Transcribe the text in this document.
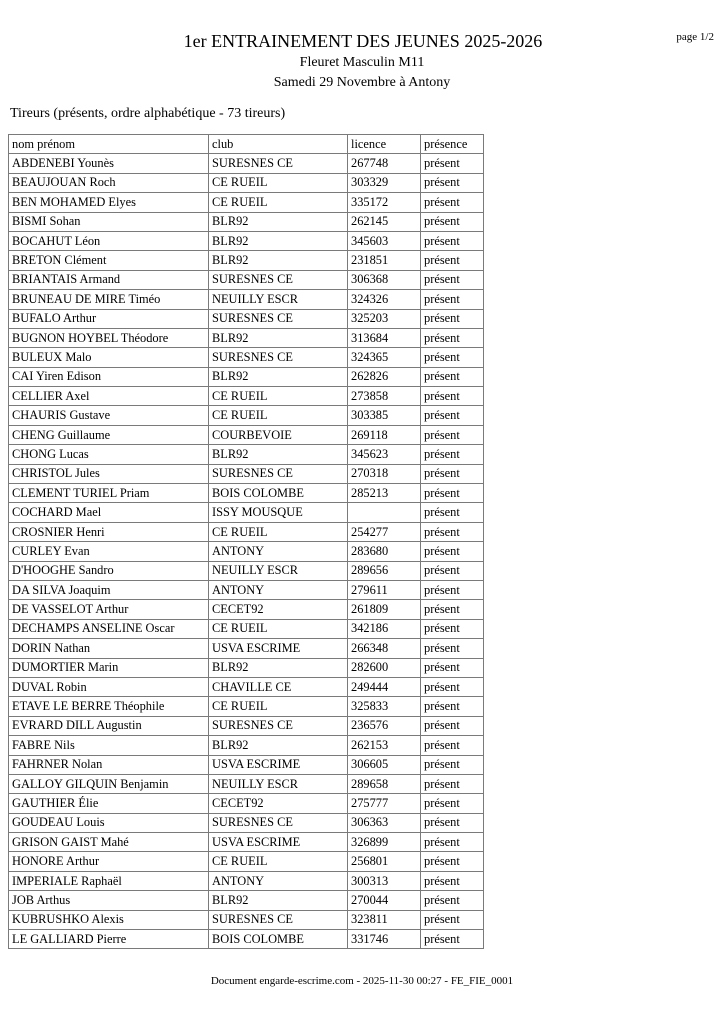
page 1/2
1er ENTRAINEMENT DES JEUNES 2025-2026
Fleuret Masculin M11
Samedi 29 Novembre à Antony
Tireurs (présents, ordre alphabétique - 73 tireurs)
nom prénom	club	licence	présence
ABDENEBI Younès	SURESNES CE	267748	présent
BEAUJOUAN Roch	CE RUEIL	303329	présent
BEN MOHAMED Elyes	CE RUEIL	335172	présent
BISMI Sohan	BLR92	262145	présent
BOCAHUT Léon	BLR92	345603	présent
BRETON Clément	BLR92	231851	présent
BRIANTAIS Armand	SURESNES CE	306368	présent
BRUNEAU DE MIRE Timéo	NEUILLY ESCR	324326	présent
BUFALO Arthur	SURESNES CE	325203	présent
BUGNON HOYBEL Théodore	BLR92	313684	présent
BULEUX Malo	SURESNES CE	324365	présent
CAI Yiren Edison	BLR92	262826	présent
CELLIER Axel	CE RUEIL	273858	présent
CHAURIS Gustave	CE RUEIL	303385	présent
CHENG Guillaume	COURBEVOIE	269118	présent
CHONG Lucas	BLR92	345623	présent
CHRISTOL Jules	SURESNES CE	270318	présent
CLEMENT TURIEL Priam	BOIS COLOMBE	285213	présent
COCHARD Mael	ISSY MOUSQUE		présent
CROSNIER Henri	CE RUEIL	254277	présent
CURLEY Evan	ANTONY	283680	présent
D'HOOGHE Sandro	NEUILLY ESCR	289656	présent
DA SILVA Joaquim	ANTONY	279611	présent
DE VASSELOT Arthur	CECET92	261809	présent
DECHAMPS ANSELINE Oscar	CE RUEIL	342186	présent
DORIN Nathan	USVA ESCRIME	266348	présent
DUMORTIER Marin	BLR92	282600	présent
DUVAL Robin	CHAVILLE CE	249444	présent
ETAVE LE BERRE Théophile	CE RUEIL	325833	présent
EVRARD DILL Augustin	SURESNES CE	236576	présent
FABRE Nils	BLR92	262153	présent
FAHRNER Nolan	USVA ESCRIME	306605	présent
GALLOY GILQUIN Benjamin	NEUILLY ESCR	289658	présent
GAUTHIER Élie	CECET92	275777	présent
GOUDEAU Louis	SURESNES CE	306363	présent
GRISON GAIST Mahé	USVA ESCRIME	326899	présent
HONORE Arthur	CE RUEIL	256801	présent
IMPERIALE Raphaël	ANTONY	300313	présent
JOB Arthus	BLR92	270044	présent
KUBRUSHKO Alexis	SURESNES CE	323811	présent
LE GALLIARD Pierre	BOIS COLOMBE	331746	présent
Document engarde-escrime.com - 2025-11-30 00:27 - FE_FIE_0001
